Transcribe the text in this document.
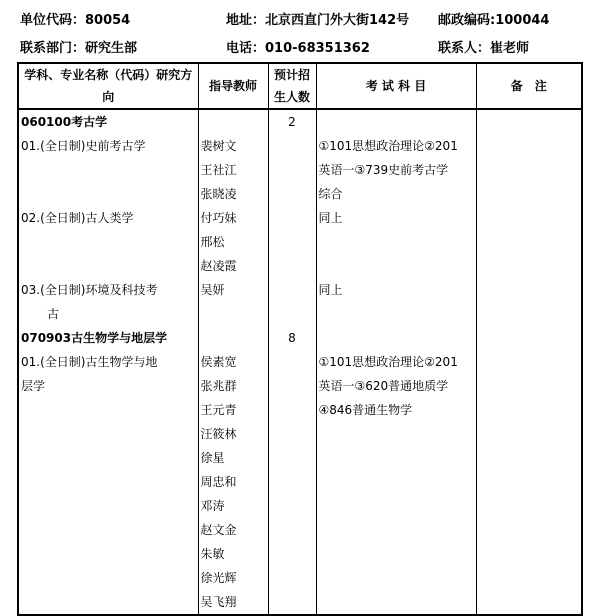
单位代码：80054	地址：北京西直门外大街142号 邮政编码:100044
联系部门：研究生部	电话：010-68351362	联系人：崔老师
学科、专业名称（代码）研究方向	指导教师	预计招生人数	考 试 科 目	备　注
060100考古学		2		
01.(全日制)史前考古学	裴树文		①101思想政治理论②201	
	王社江		英语一③739史前考古学	
	张晓凌		综合	
02.(全日制)古人类学	付巧妹		同上	
	邢松			
	赵凌霞			
03.(全日制)环境及科技考	吴妍		同上	
古				
070903古生物学与地层学		8		
01.(全日制)古生物学与地	侯素宽		①101思想政治理论②201	
层学	张兆群		英语一③620普通地质学	
	王元青		④846普通生物学	
	汪筱林			
	徐星			
	周忠和			
	邓涛			
	赵文金			
	朱敏			
	徐光辉			
	吴飞翔			
